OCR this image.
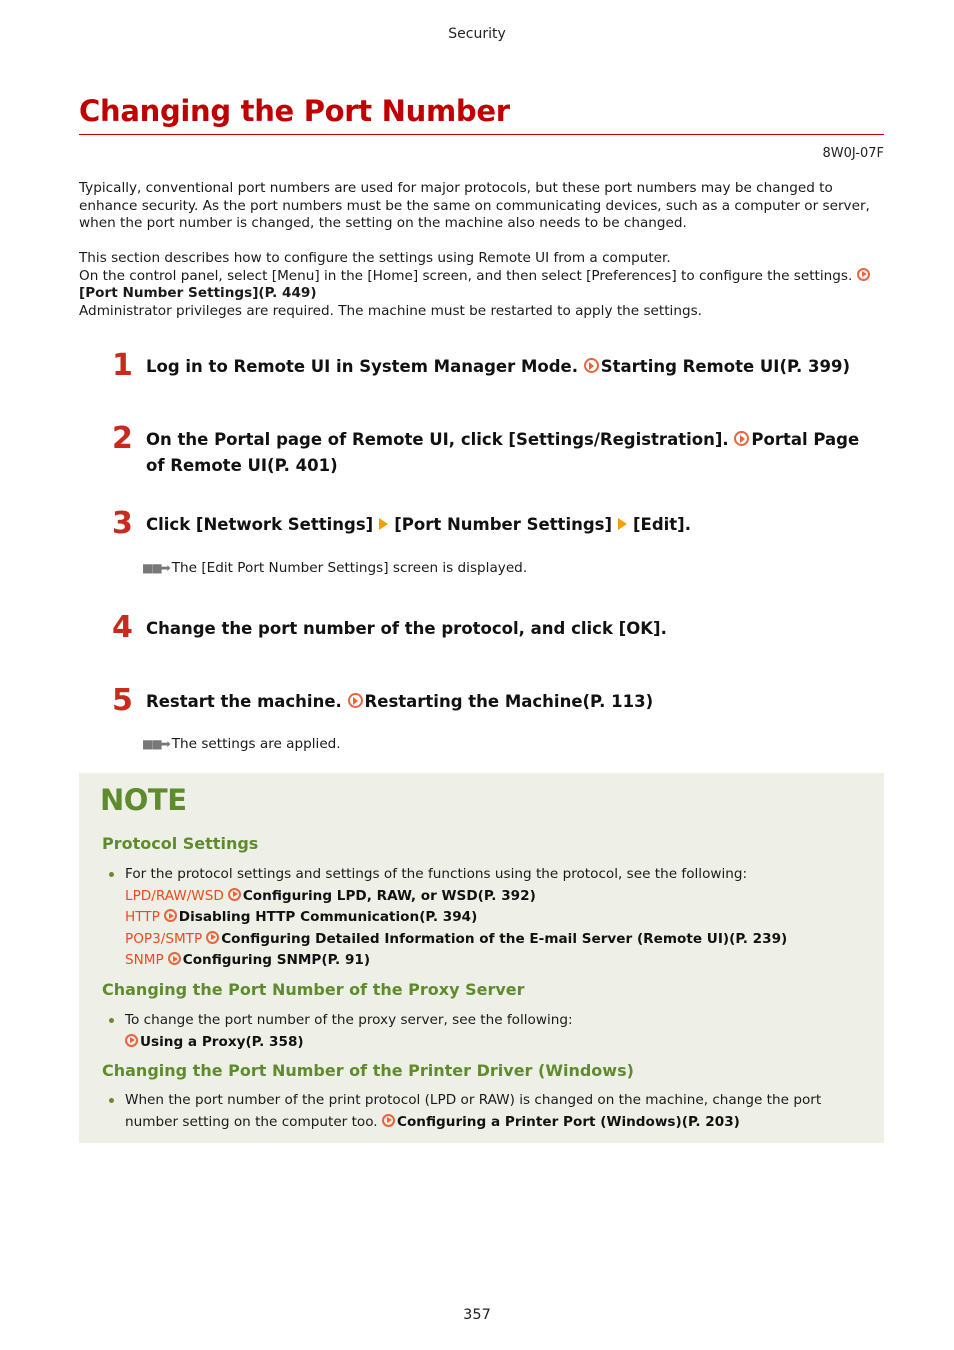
Security
Changing the Port Number
8W0J-07F
Typically, conventional port numbers are used for major protocols, but these port numbers may be changed to
enhance security. As the port numbers must be the same on communicating devices, such as a computer or server,
when the port number is changed, the setting on the machine also needs to be changed.
This section describes how to configure the settings using Remote UI from a computer.
On the control panel, select [Menu] in the [Home] screen, and then select [Preferences] to configure the settings.
[Port Number Settings](P. 449)
Administrator privileges are required. The machine must be restarted to apply the settings.
1 Log in to Remote UI in System Manager Mode. Starting Remote UI(P. 399)
2 On the Portal page of Remote UI, click [Settings/Registration]. Portal Page of Remote UI(P. 401)
3 Click [Network Settings] [Port Number Settings] [Edit].
■■➡ The [Edit Port Number Settings] screen is displayed.
4 Change the port number of the protocol, and click [OK].
5 Restart the machine. Restarting the Machine(P. 113)
■■➡ The settings are applied.
NOTE
Protocol Settings
For the protocol settings and settings of the functions using the protocol, see the following:
LPD/RAW/WSD Configuring LPD, RAW, or WSD(P. 392)
HTTP Disabling HTTP Communication(P. 394)
POP3/SMTP Configuring Detailed Information of the E-mail Server (Remote UI)(P. 239)
SNMP Configuring SNMP(P. 91)
Changing the Port Number of the Proxy Server
To change the port number of the proxy server, see the following:
Using a Proxy(P. 358)
Changing the Port Number of the Printer Driver (Windows)
When the port number of the print protocol (LPD or RAW) is changed on the machine, change the port
number setting on the computer too. Configuring a Printer Port (Windows)(P. 203)
357
